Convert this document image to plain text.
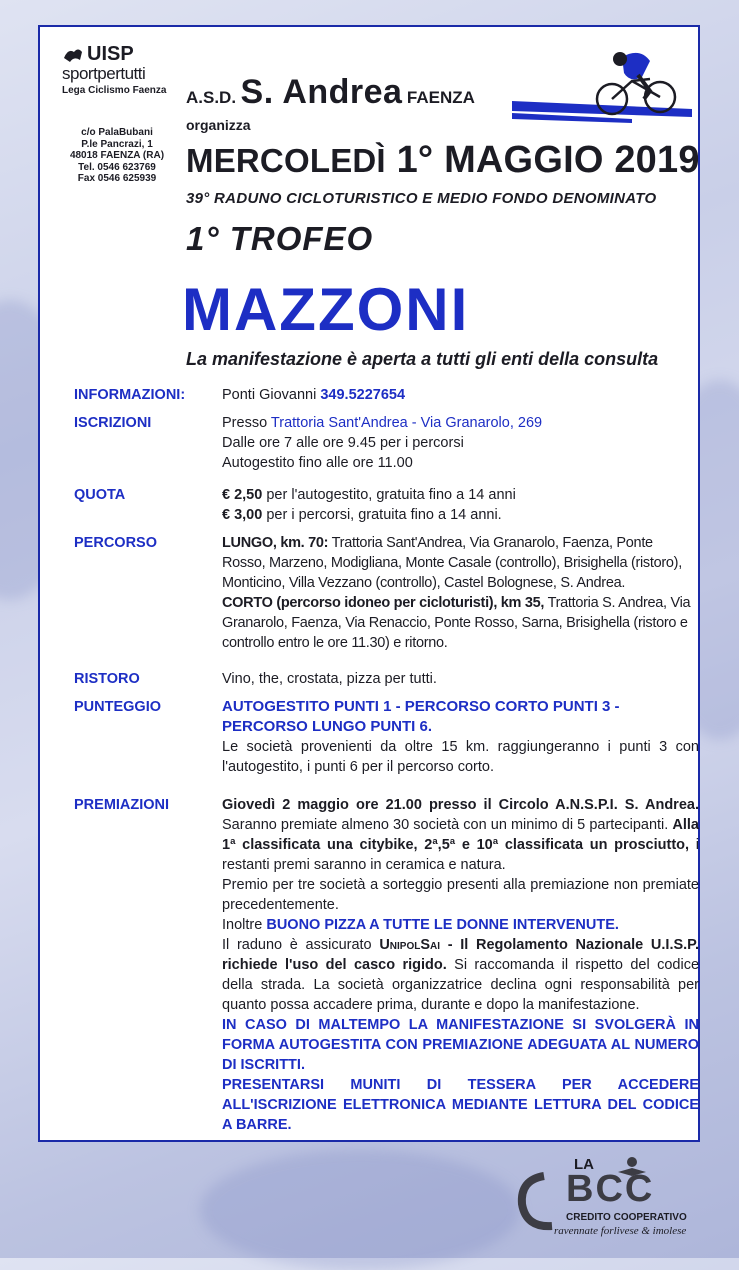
UISP
sportpertutti
Lega Ciclismo Faenza
c/o PalaBubani
P.le Pancrazi, 1
48018 FAENZA (RA)
Tel. 0546 623769
Fax 0546 625939
A.S.D. S. Andrea FAENZA
organizza
MERCOLEDÌ 1° MAGGIO 2019
39° RADUNO CICLOTURISTICO E MEDIO FONDO DENOMINATO
1° TROFEO
MAZZONI
La manifestazione è aperta a tutti gli enti della consulta
INFORMAZIONI:	Ponti Giovanni 349.5227654
ISCRIZIONI	Presso Trattoria Sant'Andrea - Via Granarolo, 269
Dalle ore 7 alle ore 9.45 per i percorsi
Autogestito fino alle ore 11.00
QUOTA	€ 2,50 per l'autogestito, gratuita fino a 14 anni
€ 3,00 per i percorsi, gratuita fino a 14 anni.
PERCORSO	LUNGO, km. 70: Trattoria Sant'Andrea, Via Granarolo, Faenza, Ponte Rosso, Marzeno, Modigliana, Monte Casale (controllo), Brisighella (ristoro), Monticino, Villa Vezzano (controllo), Castel Bolognese, S. Andrea.
CORTO (percorso idoneo per cicloturisti), km 35, Trattoria S. Andrea, Via Granarolo, Faenza, Via Renaccio, Ponte Rosso, Sarna, Brisighella (ristoro e controllo entro le ore 11.30) e ritorno.
RISTORO	Vino, the, crostata, pizza per tutti.
PUNTEGGIO	AUTOGESTITO PUNTI 1 - PERCORSO CORTO PUNTI 3 - PERCORSO LUNGO PUNTI 6.
Le società provenienti da oltre 15 km. raggiungeranno i punti 3 con l'autogestito, i punti 6 per il percorso corto.
PREMIAZIONI	Giovedì 2 maggio ore 21.00 presso il Circolo A.N.S.P.I. S. Andrea. Saranno premiate almeno 30 società con un minimo di 5 partecipanti. Alla 1ª classificata una citybike, 2ª,5ª e 10ª classificata un prosciutto, i restanti premi saranno in ceramica e natura.
Premio per tre società a sorteggio presenti alla premiazione non premiate precedentemente.
Inoltre BUONO PIZZA A TUTTE LE DONNE INTERVENUTE.
Il raduno è assicurato UnipolSai - Il Regolamento Nazionale U.I.S.P. richiede l'uso del casco rigido. Si raccomanda il rispetto del codice della strada. La società organizzatrice declina ogni responsabilità per quanto possa accadere prima, durante e dopo la manifestazione.
IN CASO DI MALTEMPO LA MANIFESTAZIONE SI SVOLGERÀ IN FORMA AUTOGESTITA CON PREMIAZIONE ADEGUATA AL NUMERO DI ISCRITTI.
PRESENTARSI MUNITI DI TESSERA PER ACCEDERE ALL'ISCRIZIONE ELETTRONICA MEDIANTE LETTURA DEL CODICE A BARRE.
LA
BCC
CREDITO COOPERATIVO
ravennate forlivese & imolese
